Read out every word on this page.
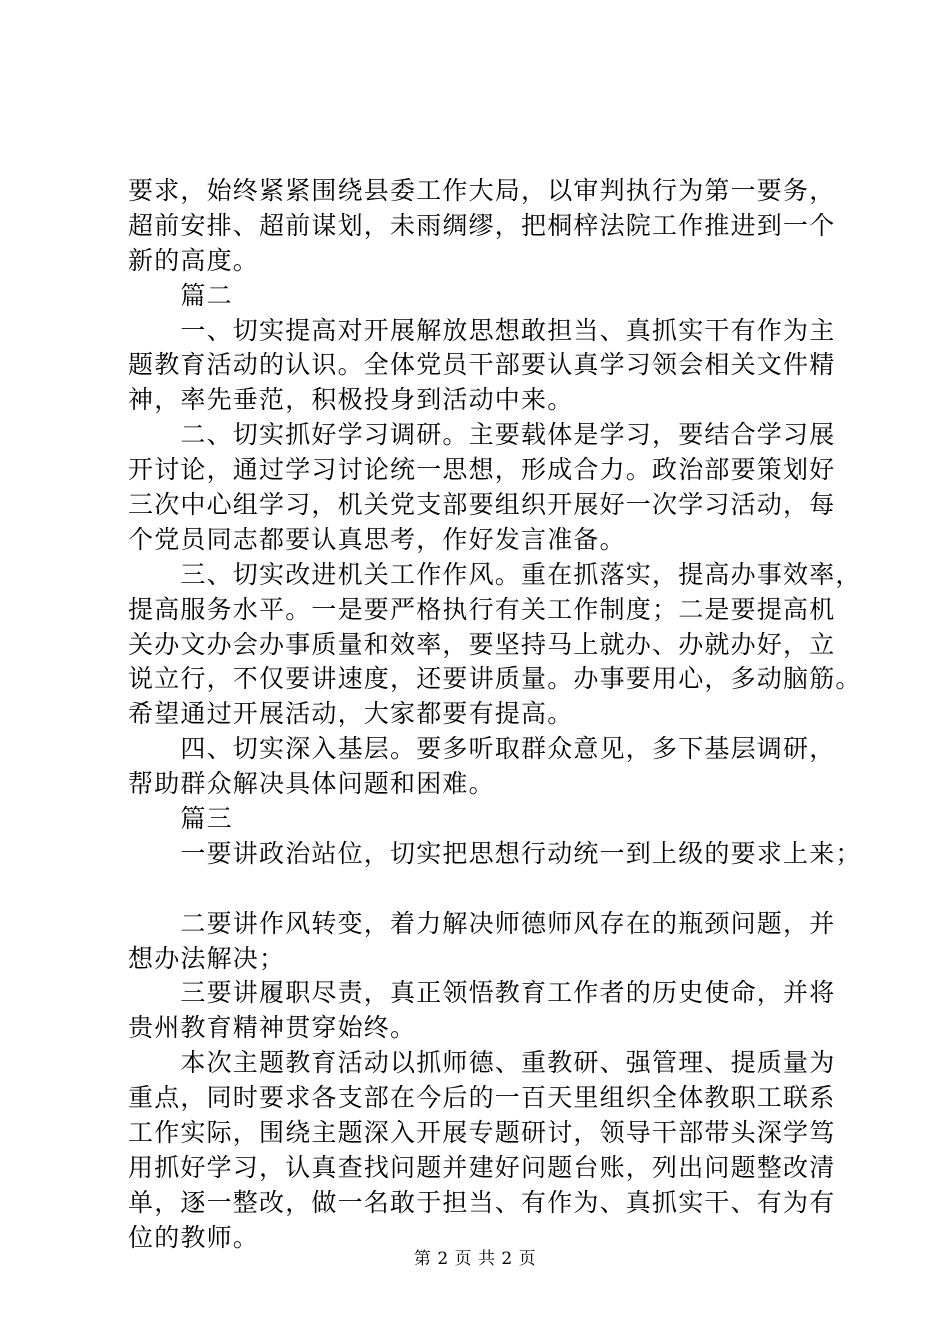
要求，始终紧紧围绕县委工作大局，以审判执行为第一要务，
超前安排、超前谋划，未雨绸缪，把桐梓法院工作推进到一个
新的高度。
　　篇二
　　一、切实提高对开展解放思想敢担当、真抓实干有作为主
题教育活动的认识。全体党员干部要认真学习领会相关文件精
神，率先垂范，积极投身到活动中来。
　　二、切实抓好学习调研。主要载体是学习，要结合学习展
开讨论，通过学习讨论统一思想，形成合力。政治部要策划好
三次中心组学习，机关党支部要组织开展好一次学习活动，每
个党员同志都要认真思考，作好发言准备。
　　三、切实改进机关工作作风。重在抓落实，提高办事效率，
提高服务水平。一是要严格执行有关工作制度；二是要提高机
关办文办会办事质量和效率，要坚持马上就办、办就办好，立
说立行，不仅要讲速度，还要讲质量。办事要用心，多动脑筋。
希望通过开展活动，大家都要有提高。
　　四、切实深入基层。要多听取群众意见，多下基层调研，
帮助群众解决具体问题和困难。
　　篇三
　　一要讲政治站位，切实把思想行动统一到上级的要求上来；
　　二要讲作风转变，着力解决师德师风存在的瓶颈问题，并
想办法解决；
　　三要讲履职尽责，真正领悟教育工作者的历史使命，并将
贵州教育精神贯穿始终。
　　本次主题教育活动以抓师德、重教研、强管理、提质量为
重点，同时要求各支部在今后的一百天里组织全体教职工联系
工作实际，围绕主题深入开展专题研讨，领导干部带头深学笃
用抓好学习，认真查找问题并建好问题台账，列出问题整改清
单，逐一整改，做一名敢于担当、有作为、真抓实干、有为有
位的教师。
第 2 页 共 2 页
